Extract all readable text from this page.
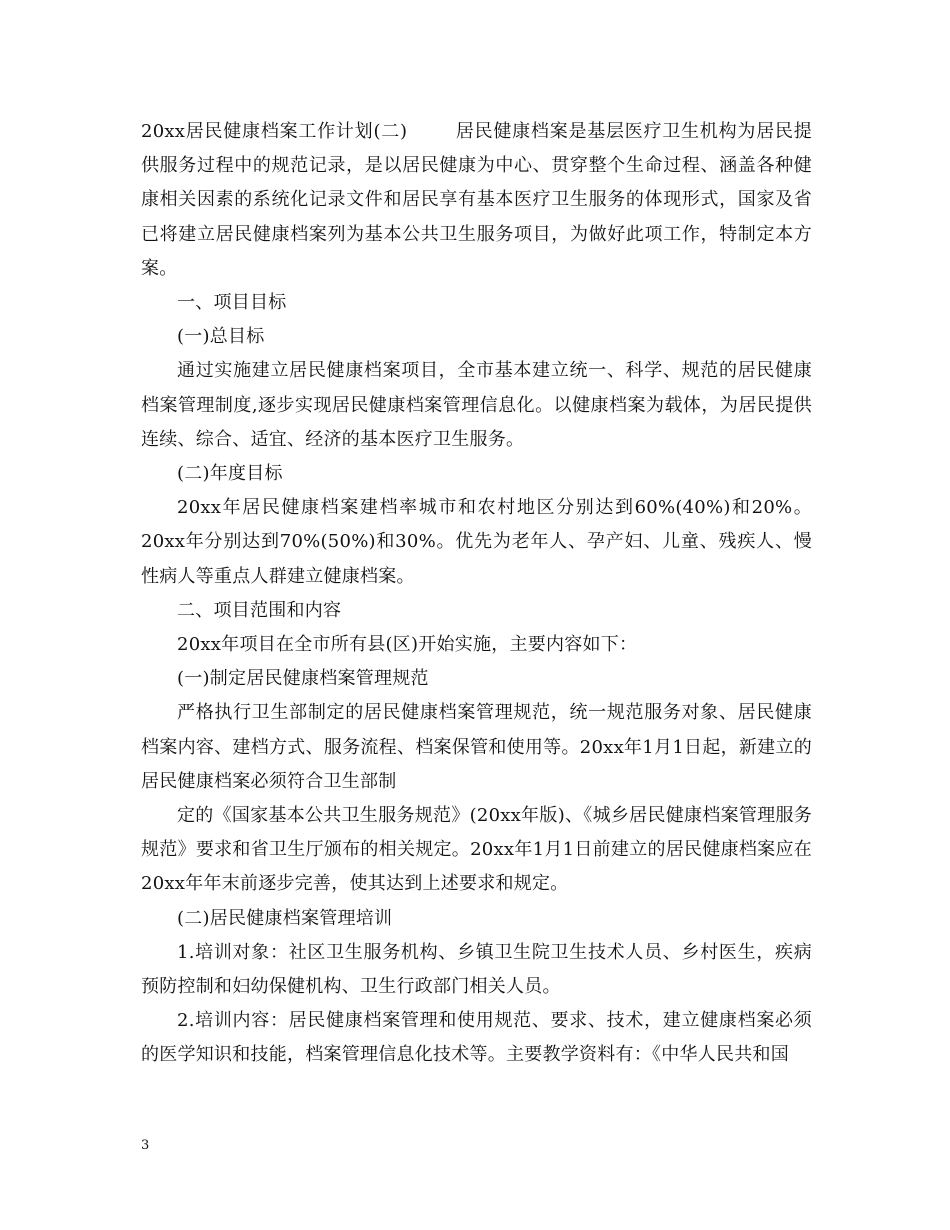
20xx居民健康档案工作计划(二)	居民健康档案是基层医疗卫生机构为居民提供服务过程中的规范记录，是以居民健康为中心、贯穿整个生命过程、涵盖各种健康相关因素的系统化记录文件和居民享有基本医疗卫生服务的体现形式，国家及省已将建立居民健康档案列为基本公共卫生服务项目，为做好此项工作，特制定本方案。

一、项目目标

(一)总目标

通过实施建立居民健康档案项目，全市基本建立统一、科学、规范的居民健康档案管理制度,逐步实现居民健康档案管理信息化。以健康档案为载体，为居民提供连续、综合、适宜、经济的基本医疗卫生服务。

(二)年度目标

20xx年居民健康档案建档率城市和农村地区分别达到60%(40%)和20%。20xx年分别达到70%(50%)和30%。优先为老年人、孕产妇、儿童、残疾人、慢性病人等重点人群建立健康档案。

二、项目范围和内容

20xx年项目在全市所有县(区)开始实施，主要内容如下：

(一)制定居民健康档案管理规范

严格执行卫生部制定的居民健康档案管理规范，统一规范服务对象、居民健康档案内容、建档方式、服务流程、档案保管和使用等。20xx年1月1日起，新建立的居民健康档案必须符合卫生部制

定的《国家基本公共卫生服务规范》(20xx年版)、《城乡居民健康档案管理服务规范》要求和省卫生厅颁布的相关规定。20xx年1月1日前建立的居民健康档案应在20xx年年末前逐步完善，使其达到上述要求和规定。

(二)居民健康档案管理培训

1.培训对象：社区卫生服务机构、乡镇卫生院卫生技术人员、乡村医生，疾病预防控制和妇幼保健机构、卫生行政部门相关人员。

2.培训内容：居民健康档案管理和使用规范、要求、技术，建立健康档案必须的医学知识和技能，档案管理信息化技术等。主要教学资料有：《中华人民共和国

3
